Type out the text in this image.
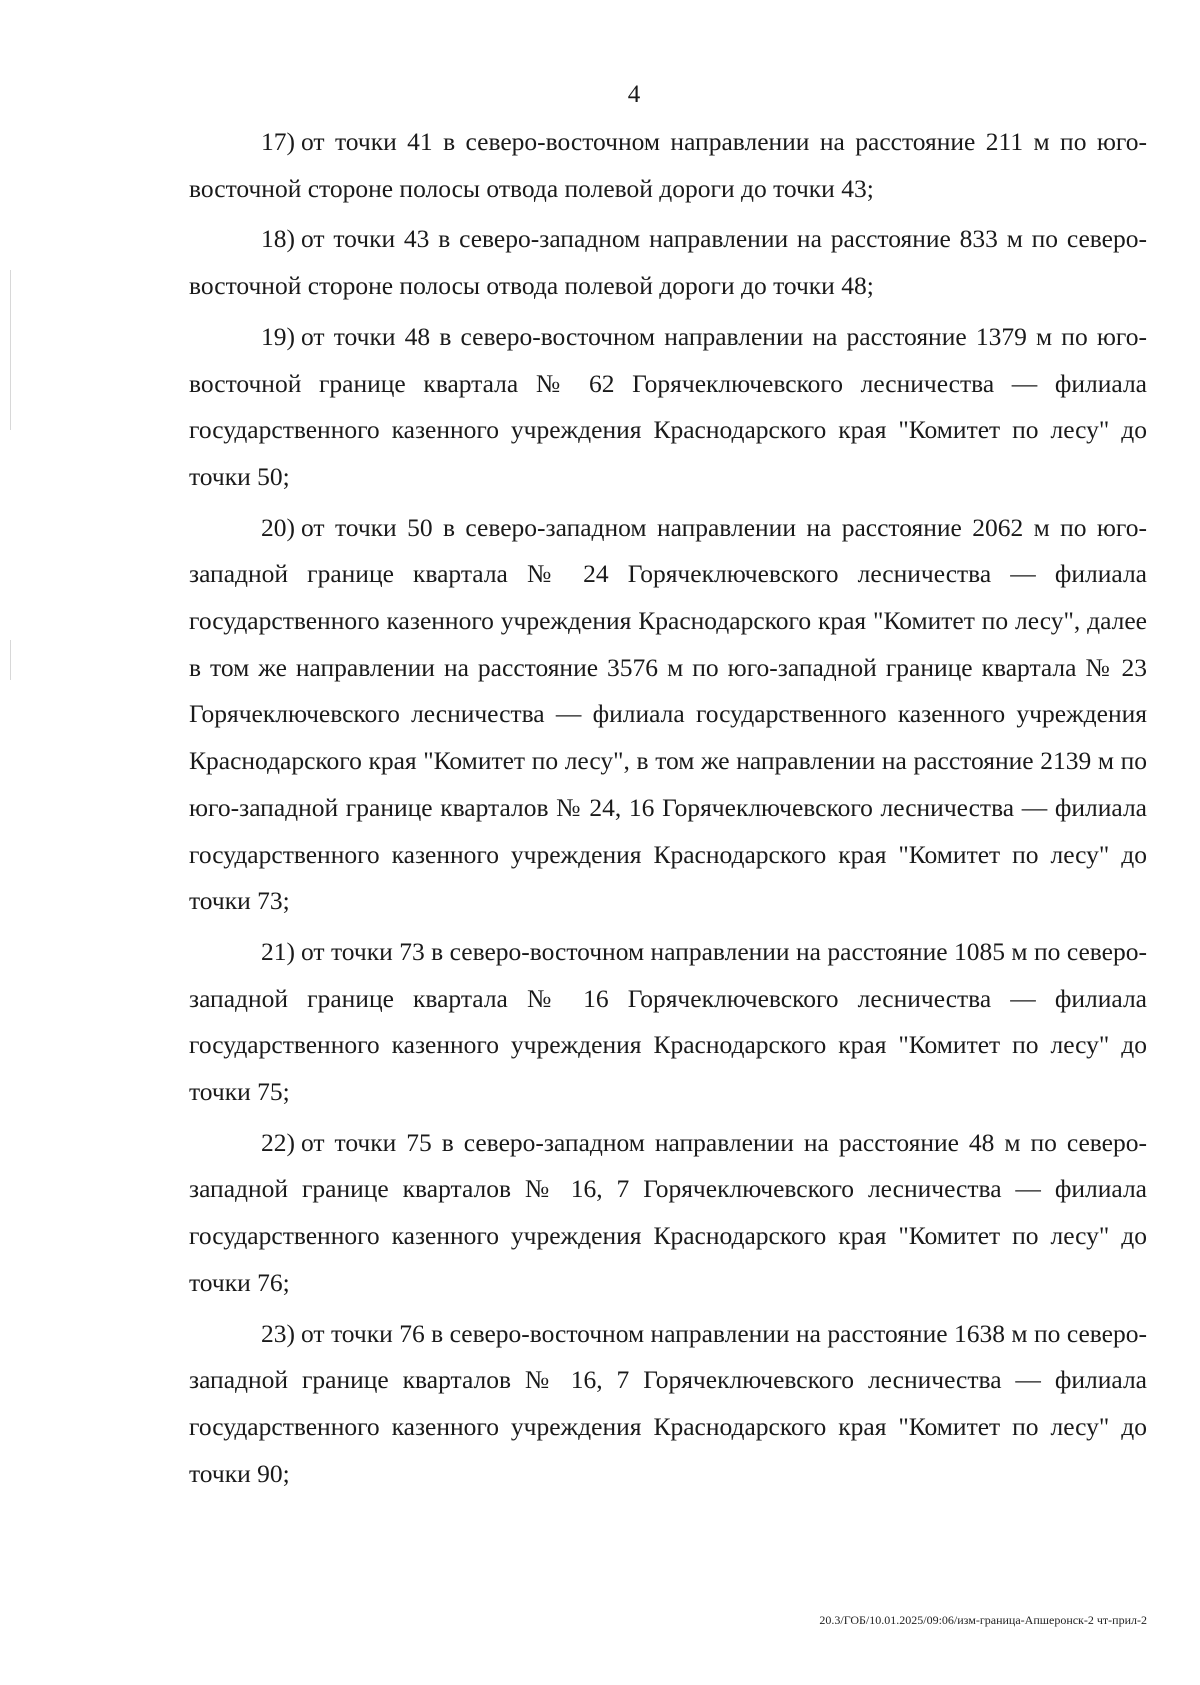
4

17) от точки 41 в северо-восточном направлении на расстояние 211 м по юго-восточной стороне полосы отвода полевой дороги до точки 43;

18) от точки 43 в северо-западном направлении на расстояние 833 м по северо-восточной стороне полосы отвода полевой дороги до точки 48;

19) от точки 48 в северо-восточном направлении на расстояние 1379 м по юго-восточной границе квартала № 62 Горячеключевского лесничества — филиала государственного казенного учреждения Краснодарского края "Комитет по лесу" до точки 50;

20) от точки 50 в северо-западном направлении на расстояние 2062 м по юго-западной границе квартала № 24 Горячеключевского лесничества — филиала государственного казенного учреждения Краснодарского края "Комитет по лесу", далее в том же направлении на расстояние 3576 м по юго-западной границе квартала № 23 Горячеключевского лесничества — филиала государственного казенного учреждения Краснодарского края "Комитет по лесу", в том же направлении на расстояние 2139 м по юго-западной границе кварталов № 24, 16 Горячеключевского лесничества — филиала государственного казенного учреждения Краснодарского края "Комитет по лесу" до точки 73;

21) от точки 73 в северо-восточном направлении на расстояние 1085 м по северо-западной границе квартала № 16 Горячеключевского лесничества — филиала государственного казенного учреждения Краснодарского края "Комитет по лесу" до точки 75;

22) от точки 75 в северо-западном направлении на расстояние 48 м по северо-западной границе кварталов № 16, 7 Горячеключевского лесничества — филиала государственного казенного учреждения Краснодарского края "Комитет по лесу" до точки 76;

23) от точки 76 в северо-восточном направлении на расстояние 1638 м по северо-западной границе кварталов № 16, 7 Горячеключевского лесничества — филиала государственного казенного учреждения Краснодарского края "Комитет по лесу" до точки 90;

20.3/ГОБ/10.01.2025/09:06/изм-граница-Апшеронск-2 чт-прил-2
